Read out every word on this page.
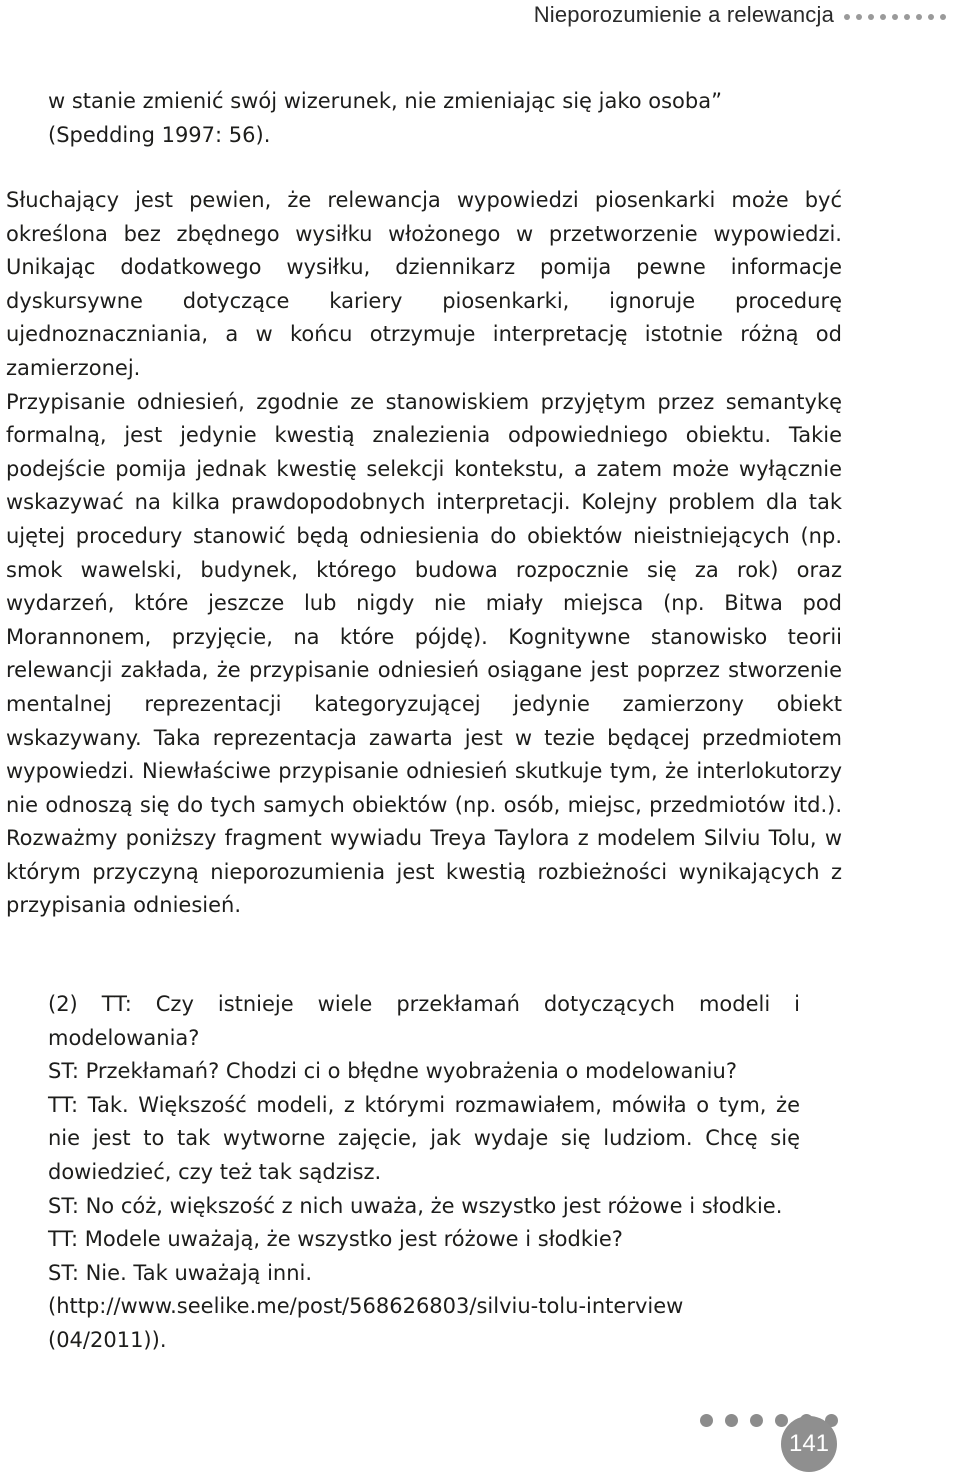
Nieporozumienie a relewancja

w stanie zmienić swój wizerunek, nie zmieniając się jako osoba” (Spedding 1997: 56).

Słuchający jest pewien, że relewancja wypowiedzi piosenkarki może być określona bez zbędnego wysiłku włożonego w przetworzenie wypowiedzi. Unikając dodatkowego wysiłku, dziennikarz pomija pewne informacje dyskursywne dotyczące kariery piosenkarki, ignoruje procedurę ujednoznaczniania, a w końcu otrzymuje interpretację istotnie różną od zamierzonej.

Przypisanie odniesień, zgodnie ze stanowiskiem przyjętym przez semantykę formalną, jest jedynie kwestią znalezienia odpowiedniego obiektu. Takie podejście pomija jednak kwestię selekcji kontekstu, a zatem może wyłącznie wskazywać na kilka prawdopodobnych interpretacji. Kolejny problem dla tak ujętej procedury stanowić będą odniesienia do obiektów nieistniejących (np. smok wawelski, budynek, którego budowa rozpocznie się za rok) oraz wydarzeń, które jeszcze lub nigdy nie miały miejsca (np. Bitwa pod Morannonem, przyjęcie, na które pójdę). Kognitywne stanowisko teorii relewancji zakłada, że przypisanie odniesień osiągane jest poprzez stworzenie mentalnej reprezentacji kategoryzującej jedynie zamierzony obiekt wskazywany. Taka reprezentacja zawarta jest w tezie będącej przedmiotem wypowiedzi. Niewłaściwe przypisanie odniesień skutkuje tym, że interlokutorzy nie odnoszą się do tych samych obiektów (np. osób, miejsc, przedmiotów itd.). Rozważmy poniższy fragment wywiadu Treya Taylora z modelem Silviu Tolu, w którym przyczyną nieporozumienia jest kwestią rozbieżności wynikających z przypisania odniesień.

(2) TT: Czy istnieje wiele przekłamań dotyczących modeli i modelowania?

ST: Przekłamań? Chodzi ci o błędne wyobrażenia o modelowaniu?

TT: Tak. Większość modeli, z którymi rozmawiałem, mówiła o tym, że nie jest to tak wytworne zajęcie, jak wydaje się ludziom. Chcę się dowiedzieć, czy też tak sądzisz.

ST: No cóż, większość z nich uważa, że wszystko jest różowe i słodkie.

TT: Modele uważają, że wszystko jest różowe i słodkie?

ST: Nie. Tak uważają inni.

(http://www.seelike.me/post/568626803/silviu-tolu-interview (04/2011)).

141
